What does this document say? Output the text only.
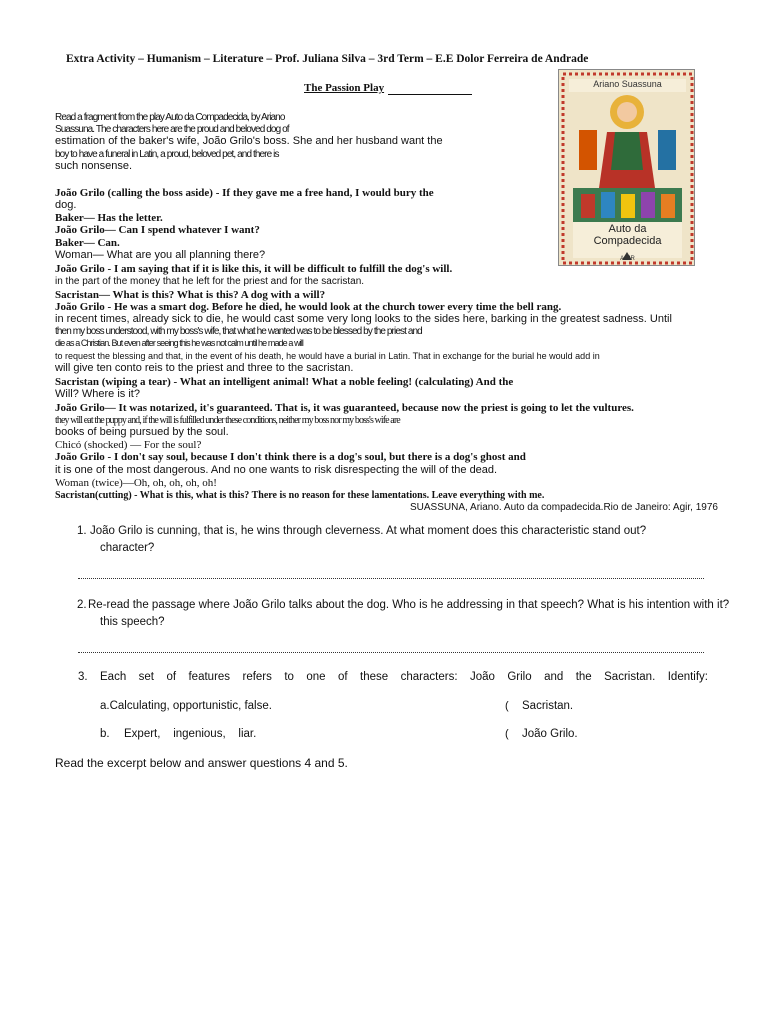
Extra Activity – Humanism – Literature – Prof. Juliana Silva – 3rd Term – E.E Dolor Ferreira de Andrade
The Passion Play	Ariano Suassuna
Auto da
Compadecida
AGIR
Read a fragment from the play Auto da Compadecida, by Ariano
Suassuna. The characters here are the proud and beloved dog of
estimation of the baker's wife, João Grilo's boss. She and her husband want the
boy to have a funeral in Latin, a proud, beloved pet, and there is
such nonsense.
João Grilo (calling the boss aside) - If they gave me a free hand, I would bury the
dog.
Baker— Has the letter.
João Grilo— Can I spend whatever I want?
Baker— Can.
Woman— What are you all planning there?
João Grilo - I am saying that if it is like this, it will be difficult to fulfill the dog's will.
in the part of the money that he left for the priest and for the sacristan.
Sacristan— What is this? What is this? A dog with a will?
João Grilo - He was a smart dog. Before he died, he would look at the church tower every time the bell rang.
in recent times, already sick to die, he would cast some very long looks to the sides here, barking in the greatest sadness. Until
then my boss understood, with my boss's wife, that what he wanted was to be blessed by the priest and
die as a Christian. But even after seeing this he was not calm until he made a will
to request the blessing and that, in the event of his death, he would have a burial in Latin. That in exchange for the burial he would add in
will give ten conto reis to the priest and three to the sacristan.
Sacristan (wiping a tear) - What an intelligent animal! What a noble feeling! (calculating) And the
Will? Where is it?
João Grilo— It was notarized, it's guaranteed. That is, it was guaranteed, because now the priest is going to let the vultures.
they will eat the puppy and, if the will is fulfilled under these conditions, neither my boss nor my boss's wife are
books of being pursued by the soul.
Chicó (shocked) — For the soul?
João Grilo - I don't say soul, because I don't think there is a dog's soul, but there is a dog's ghost and
it is one of the most dangerous. And no one wants to risk disrespecting the will of the dead.
Woman (twice)—Oh, oh, oh, oh, oh!
Sacristan(cutting) - What is this, what is this? There is no reason for these lamentations. Leave everything with me.
SUASSUNA, Ariano. Auto da compadecida.Rio de Janeiro: Agir, 1976
1. João Grilo is cunning, that is, he wins through cleverness. At what moment does this characteristic stand out?
character?
2. Re-read the passage where João Grilo talks about the dog. Who is he addressing in that speech? What is his intention with it?
this speech?
3. Each set of features refers to one of these characters: João Grilo and the Sacristan. Identify:
a.Calculating, opportunistic, false.	( Sacristan.
b. Expert,    ingenious,    liar.	( João Grilo.
Read the excerpt below and answer questions 4 and 5.
